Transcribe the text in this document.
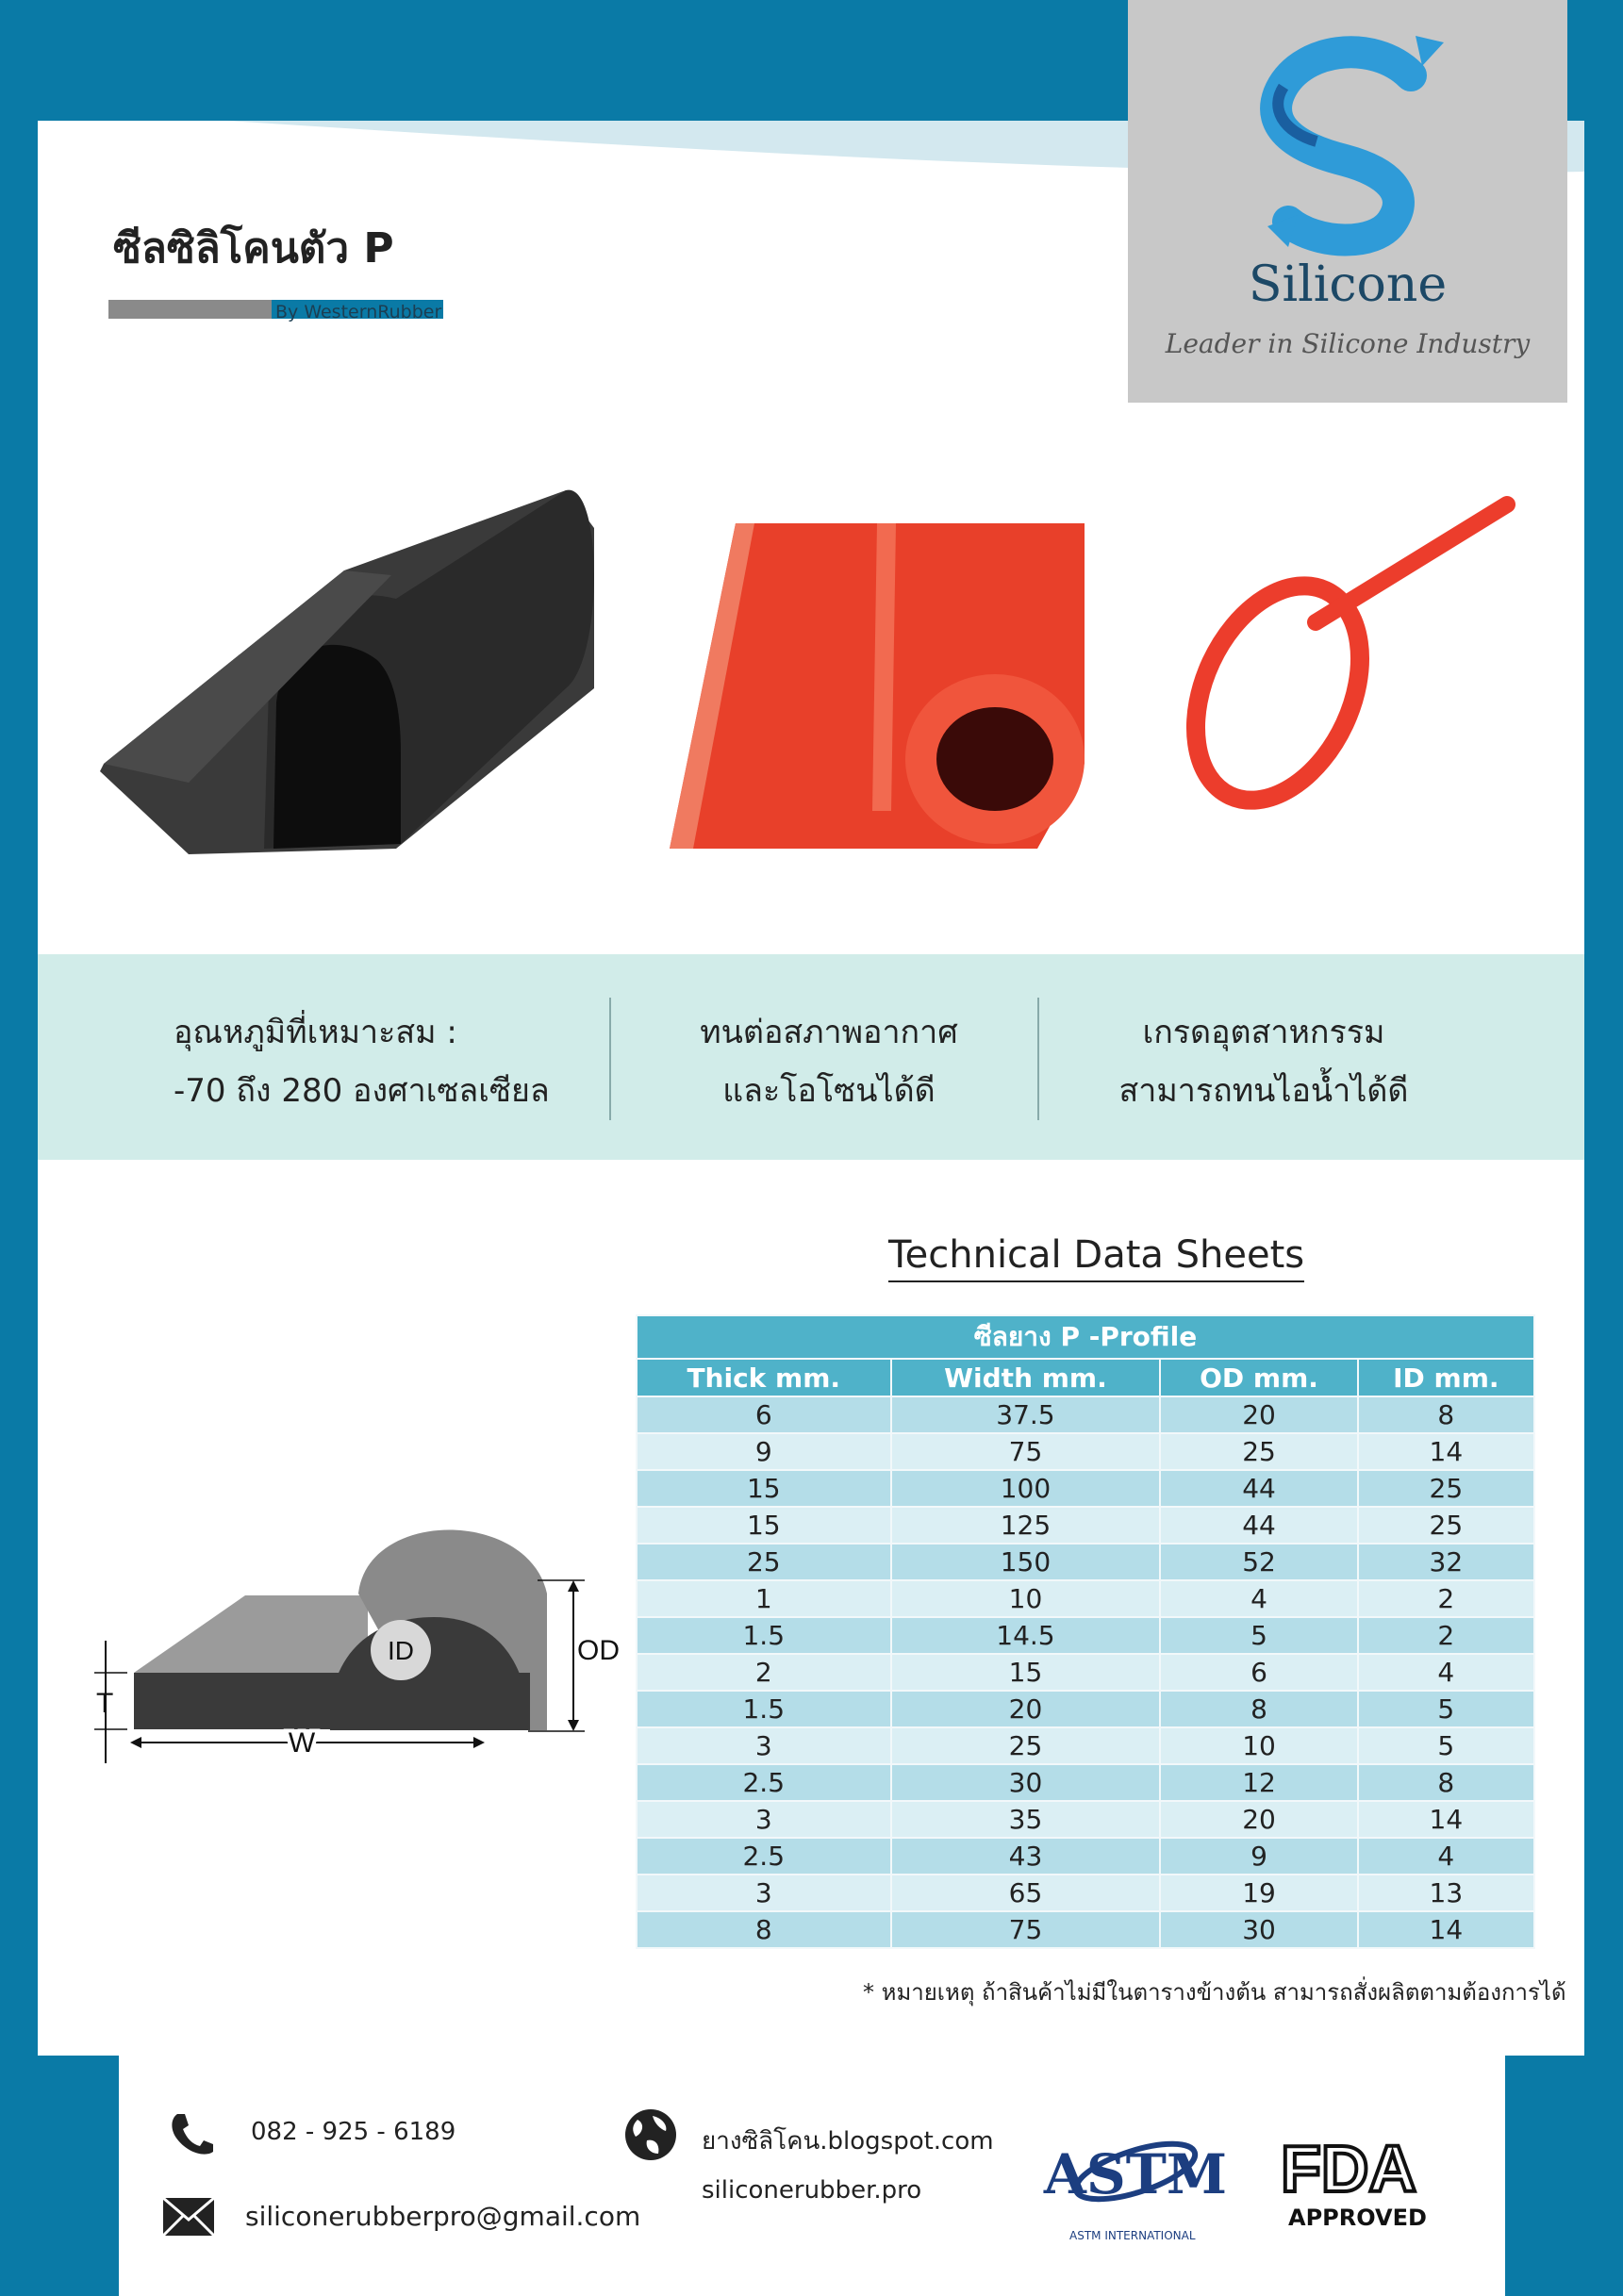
Silicone
Leader in Silicone Industry
ซีลซิลิโคนตัว P
By WesternRubber
อุณหภูมิที่เหมาะสม :
-70 ถึง 280 องศาเซลเซียล
ทนต่อสภาพอากาศ
และโอโซนได้ดี
เกรดอุตสาหกรรม
สามารถทนไอน้ำได้ดี
ID	OD
T
W
Technical Data Sheets
ซีลยาง P -Profile			
Thick mm.	Width mm.	OD mm.	ID mm.
6	37.5	20	8
9	75	25	14
15	100	44	25
15	125	44	25
25	150	52	32
1	10	4	2
1.5	14.5	5	2
2	15	6	4
1.5	20	8	5
3	25	10	5
2.5	30	12	8
3	35	20	14
2.5	43	9	4
3	65	19	13
8	75	30	14
* หมายเหตุ ถ้าสินค้าไม่มีในตารางข้างต้น สามารถสั่งผลิตตามต้องการได้
082 - 925 - 6189
siliconerubberpro@gmail.com
ยางซิลิโคน.blogspot.com
siliconerubber.pro ASTM
ASTM INTERNATIONAL
FDA
APPROVED
